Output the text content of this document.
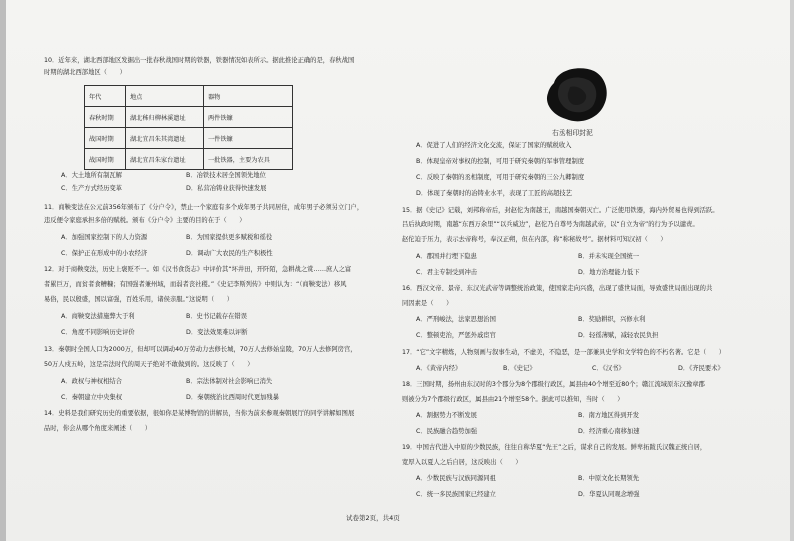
10．近年来，湖北西部地区发掘出一批春秋战国时期的铁器，铁器情况如表所示。据此推论正确的是，春秋战国
时期的湖北西部地区（　　）
A．大土地所有制瓦解	B．冶铁技术居全国领先地位
C．生产方式经历变革	D．私营冶铸业获得快速发展
11．商鞅变法在公元前356年颁布了《分户令》，禁止一个家庭有多个成年男子共同居住，成年男子必须另立门户，
违反便令家庭承担多倍的赋税。颁布《分户令》主要的目的在于（　　）
A．加强国家控制下的人力资源	B．为国家提供更多赋税和徭役
C．保护正在形成中的小农经济	D．调动广大农民的生产积极性
12．对于商鞅变法，历史上褒贬不一。如《汉书食货志》中评价其“坏井田，开阡陌，急耕战之赏……庶人之富
者累巨万，而贫者食糟糠；有国强者兼州域，而弱者丧社稷。”《史记李斯列传》中则认为：“（商鞅变法）移风
易俗，民以殷盛，国以富强，百姓乐用，诸侯亲服。”这说明（　　）
A．商鞅变法措施弊大于利	B．史书记载存在错误
C．角度不同影响历史评价	D．变法效果难以评断
13．秦朝时全国人口为2000万，但却可以调动40万劳动力去修长城，70万人去修始皇陵，70万人去修阿房宫，
50万人戍五岭，这是宗法时代的周天子绝对不敢做到的。这反映了（　　）
A．政权与神权相结合	B．宗法体制对社会影响已消失
C．秦朝建立中央集权	D．秦朝统治比西周时代更加残暴
14．史料是我们研究历史的重要依据，很如你是某博物馆的讲解员，当你为前来参观秦朝展厅的同学讲解如图展
品时，你会从哪个角度来阐述（　　）
年代	地点	器物
春秋时期	湖北秭归柳林溪遗址	两件铁镰
战国时期	湖北宜昌朱其湾遗址	一件铁镰
战国时期	湖北宜昌朱家台遗址	一批铁器，主要为农具
右丞相印封泥
A．促进了人们的经济文化交流，保证了国家的赋税收入
B．体现皇帝对事权的控制，可用于研究秦朝的军事管理制度
C．反映了秦朝的丞相制度，可用于研究秦朝的三公九卿制度
D．体现了秦朝时的冶铸业水平，表现了工匠的高超技艺
15．据《史记》记载，刘邦称帝后，封赵佗为南越王，南越国秦朝灭亡。广泛使用铁器，海内外贸易也得到活跃。
吕后执政时期，南越“东西万余里”“以兵威边”，赵佗乃自尊号为南越武帝，以“自立为帝”的行为予以谴责。
赵佗迫于压力，表示去帝称号，奉汉正朔，但在内部，称“称秘故号”。据材料可知汉初（　　）
A．郡国并行埋下隐患	B．并未实现全国统一
C．君主专制受到冲击	D．地方治理能力低下
16．西汉文帝、景帝、东汉光武帝等调整统治政策，使国家走向兴盛，出现了盛世局面，导致盛世局面出现的共
同因素是（　　）
A．严刑峻法，法家思想治国	B．奖励耕织，兴修水利
C．整顿吏治，严惩外戚宦官	D．轻徭薄赋，减轻农民负担
17．“它”文字精炼，人物刻画与叙事生动，不虚美，不隐恶，是一部兼具史学和文学特色的不朽名著。它是（　　）
A．《黄帝内经》	B．《史记》	C．《汉书》	D．《齐民要术》
18．三国时期，扬州由东汉时的3个郡分为8个郡级行政区，属县由40个增至近80个；赣江流域原东汉豫章郡
则被分为7个郡级行政区，属县由21个增至58个。据此可以推知，当时（　　）
A．割据势力不断发展	B．南方地区得到开发
C．民族融合趋势加强	D．经济重心南移加速
19．中国古代进入中原的少数民族，往往自称华夏“先王”之后，谋求自己的发展。鲜卑拓跋氏汉魏正统自居，
宽厚入以夏人之后自居，这反映出（　　）
A．少数民族与汉族同源同祖	B．中原文化长期领先
C．统一多民族国家已经建立	D．华夏认同观念增强
试卷第2页，共4页
